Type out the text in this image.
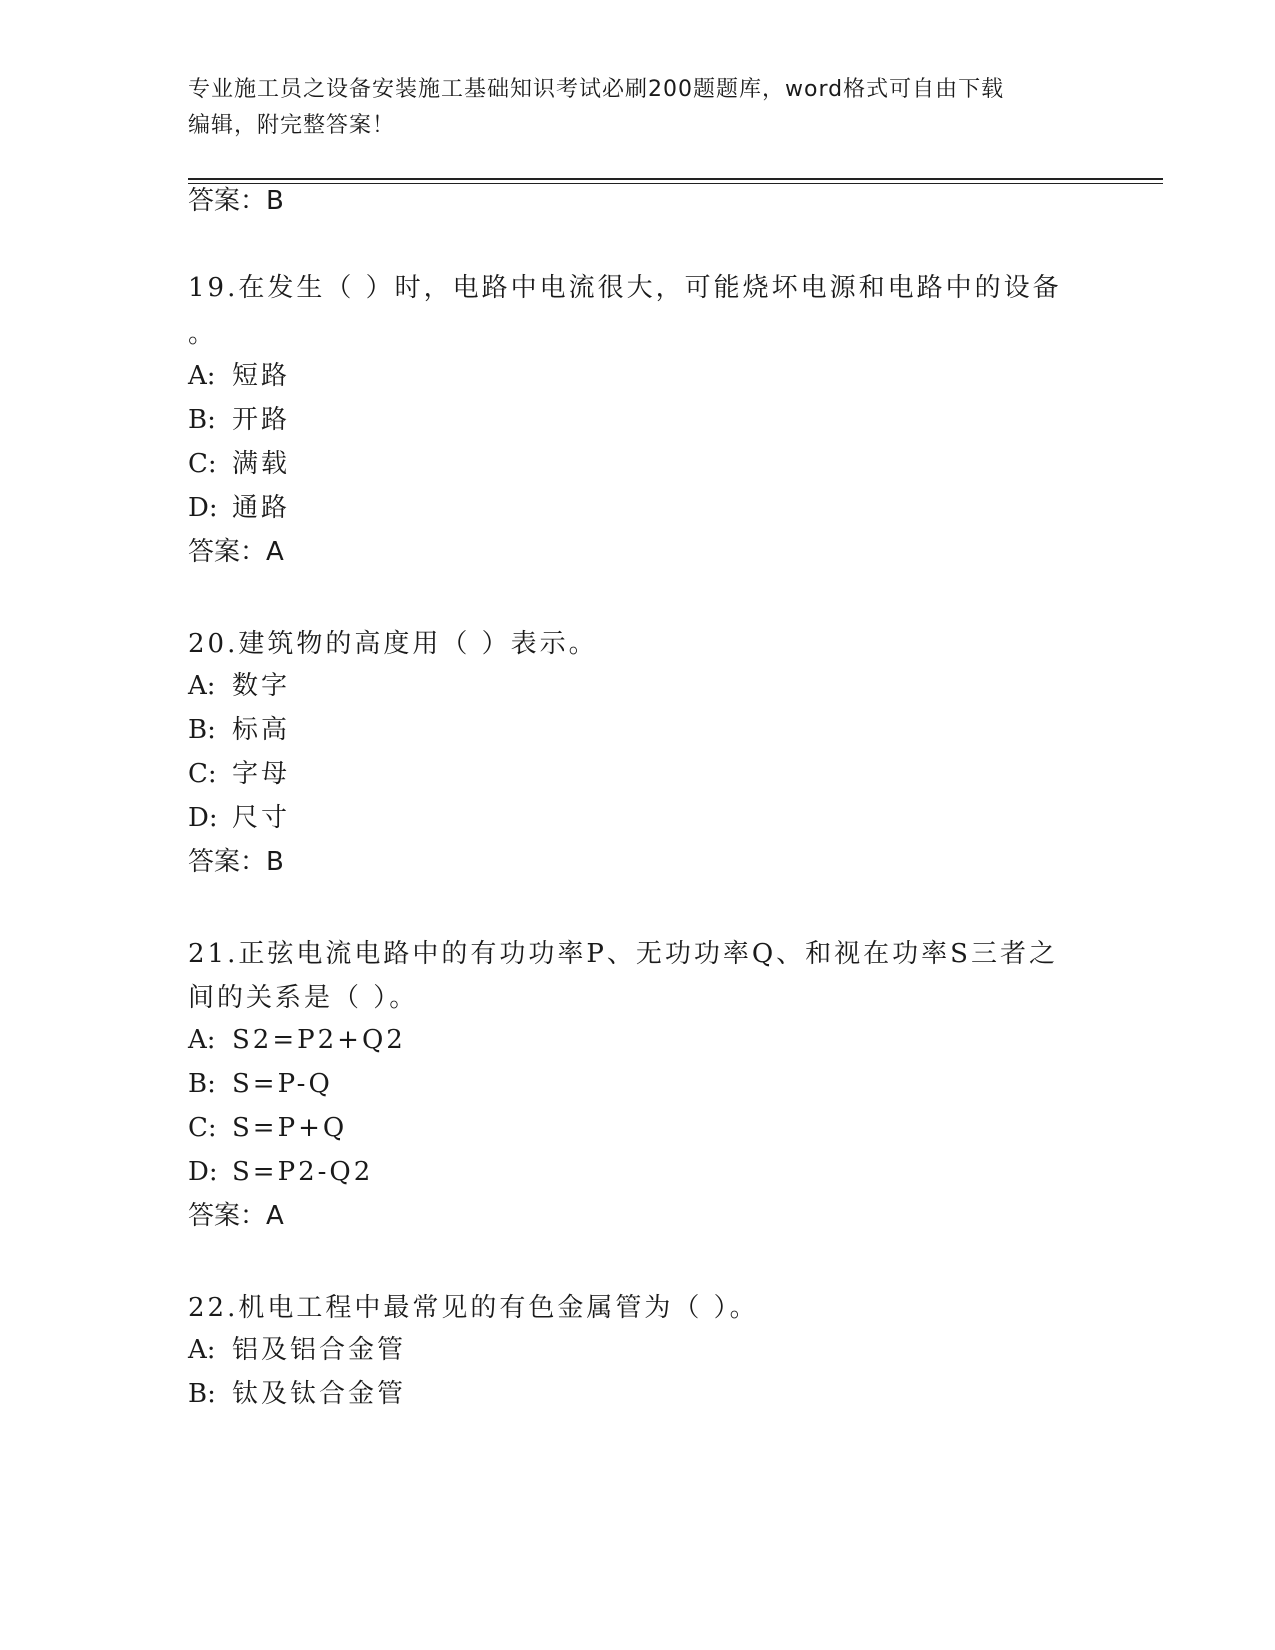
专业施工员之设备安装施工基础知识考试必刷200题题库，word格式可自由下载
编辑，附完整答案！
答案：B
19.在发生（ ）时，电路中电流很大，可能烧坏电源和电路中的设备
。
A: 短路
B: 开路
C: 满载
D: 通路
答案：A
20.建筑物的高度用（ ）表示。
A: 数字
B: 标高
C: 字母
D: 尺寸
答案：B
21.正弦电流电路中的有功功率P、无功功率Q、和视在功率S三者之
间的关系是（ ）。
A: S2=P2+Q2
B: S=P-Q
C: S=P+Q
D: S=P2-Q2
答案：A
22.机电工程中最常见的有色金属管为（ ）。
A: 铝及铝合金管
B: 钛及钛合金管
